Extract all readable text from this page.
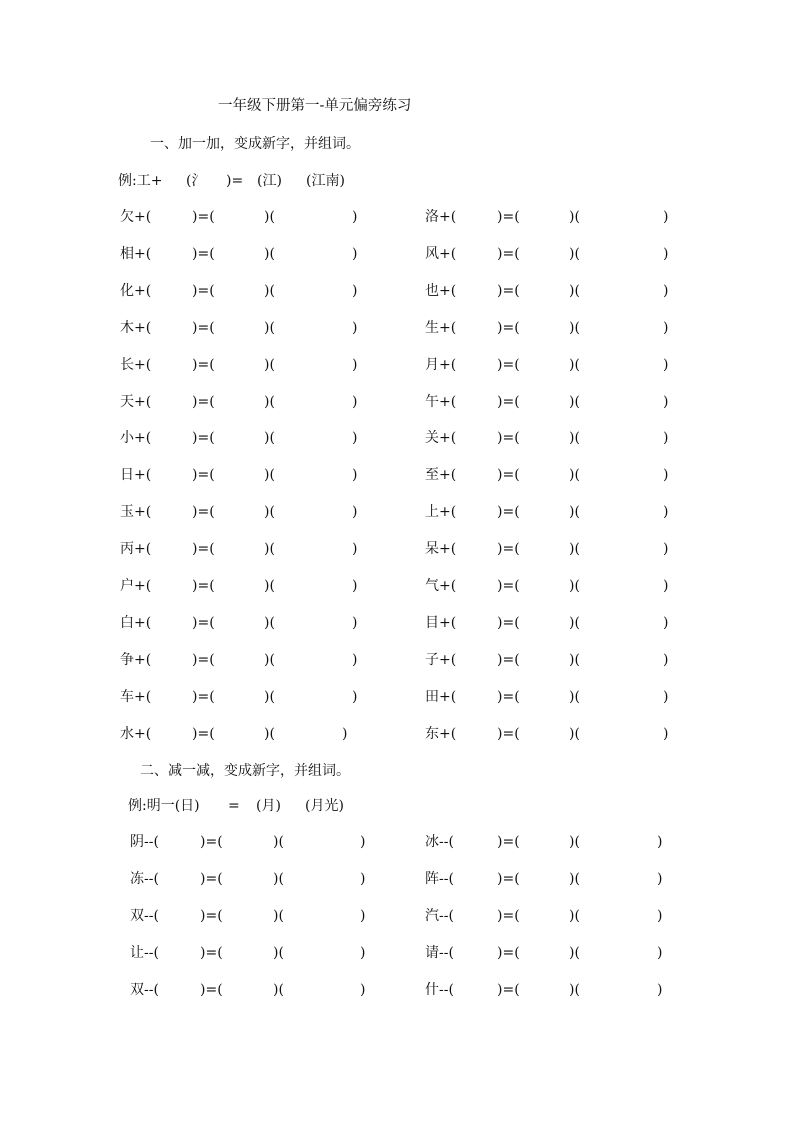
一年级下册第一-单元偏旁练习
一、加一加，变成新字，并组词。

例:工+

(氵

)=

(江)

(江南)

欠+(	)=(	)(	)	洛+(	)=(	)(	)
相+(	)=(	)(	)	风+(	)=(	)(	)
化+(	)=(	)(	)	也+(	)=(	)(	)
木+(	)=(	)(	)	生+(	)=(	)(	)
长+(	)=(	)(	)	月+(	)=(	)(	)
天+(	)=(	)(	)	午+(	)=(	)(	)
小+(	)=(	)(	)	关+(	)=(	)(	)
日+(	)=(	)(	)	至+(	)=(	)(	)
玉+(	)=(	)(	)	上+(	)=(	)(	)
丙+(	)=(	)(	)	呆+(	)=(	)(	)
户+(	)=(	)(	)	气+(	)=(	)(	)
白+(	)=(	)(	)	目+(	)=(	)(	)
争+(	)=(	)(	)	子+(	)=(	)(	)
车+(	)=(	)(	)	田+(	)=(	)(	)
水+(	)=(	)(	)	东+(	)=(	)(	)
二、减一减，变成新字，并组词。

例:明一(日)

=

(月)

(月光)

阴--(	)=(	)(	)	冰--(	)=(	)(	)
冻--(	)=(	)(	)	阵--(	)=(	)(	)
双--(	)=(	)(	)	汽--(	)=(	)(	)
让--(	)=(	)(	)	请--(	)=(	)(	)
双--(	)=(	)(	)	什--(	)=(	)(	)
